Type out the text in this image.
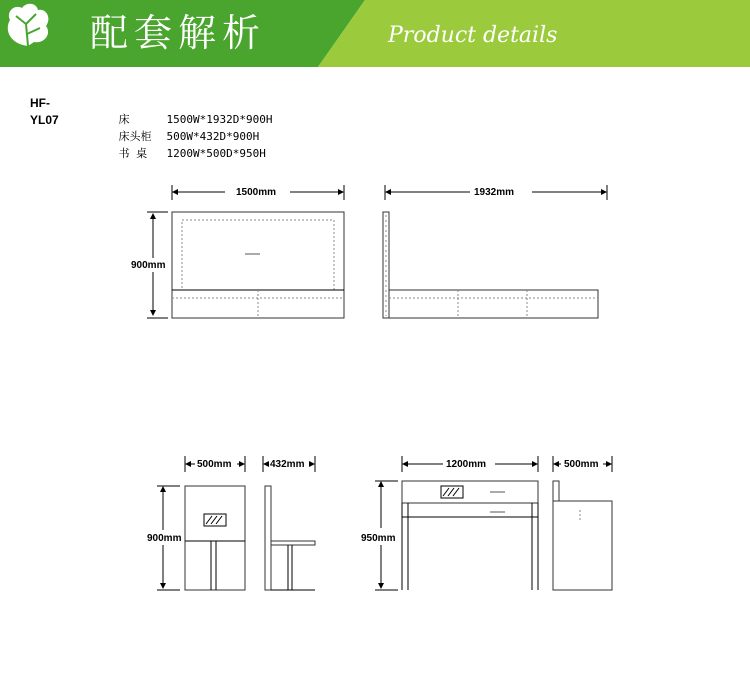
配套解析	Product details
HF-YL07	床	1500W*1932D*900H

床头柜 500W*432D*900H

书 桌 1200W*500D*950H

1500mm
900mm
1932mm
500mm
900mm
432mm	1200mm
950mm
500mm
